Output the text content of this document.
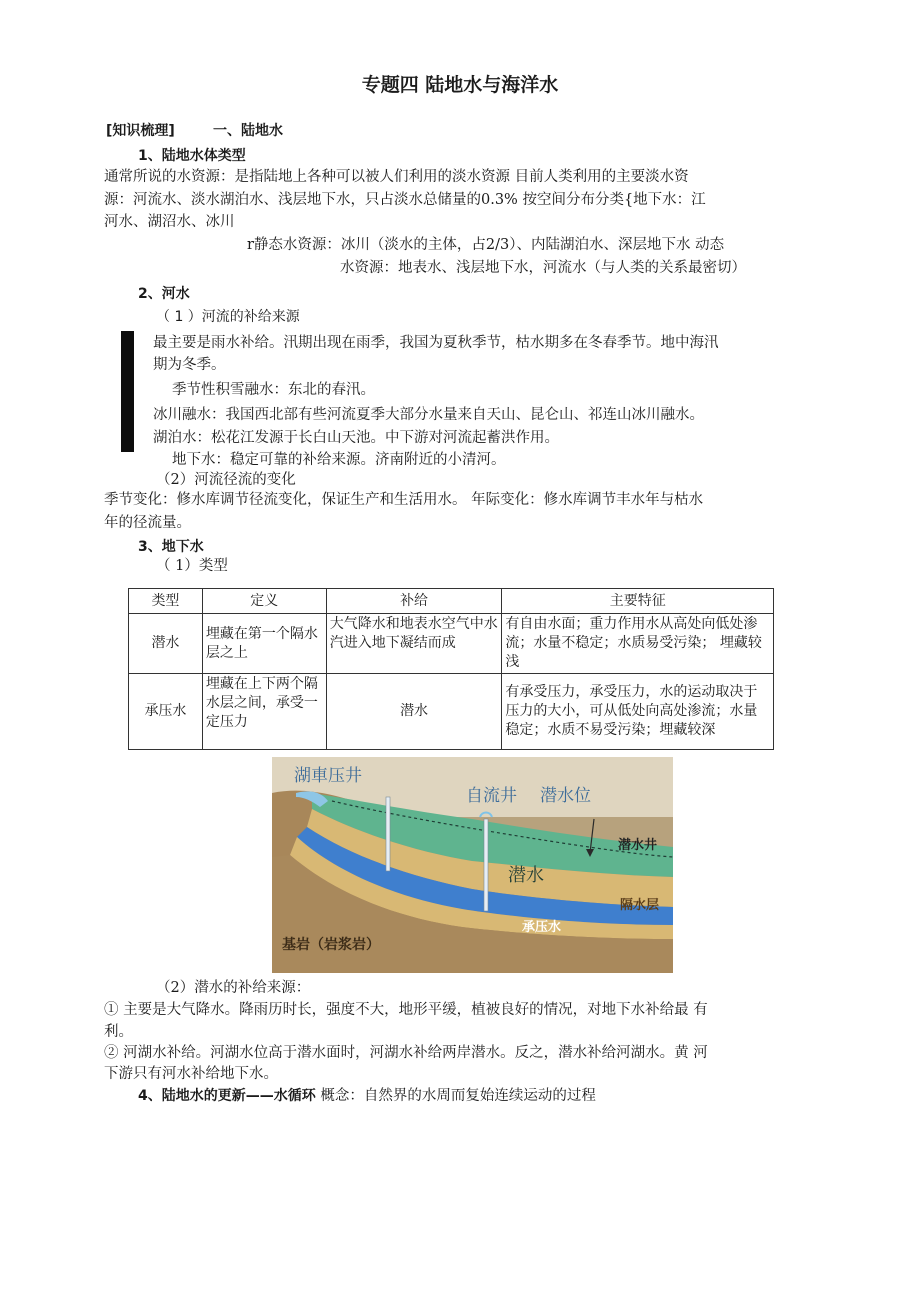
专题四 陆地水与海洋水
[知识梳理]	一、陆地水
1、陆地水体类型
通常所说的水资源：是指陆地上各种可以被人们利用的淡水资源 目前人类利用的主要淡水资
源：河流水、淡水湖泊水、浅层地下水，只占淡水总储量的0.3% 按空间分布分类{地下水：江
河水、湖沼水、冰川
r静态水资源：冰川（淡水的主体，占2/3）、内陆湖泊水、深层地下水 动态
水资源：地表水、浅层地下水，河流水（与人类的关系最密切）
2、河水
（ 1 ）河流的补给来源
最主要是雨水补给。汛期出现在雨季，我国为夏秋季节，枯水期多在冬春季节。地中海汛
期为冬季。
季节性积雪融水：东北的春汛。
冰川融水：我国西北部有些河流夏季大部分水量来自天山、昆仑山、祁连山冰川融水。
湖泊水：松花江发源于长白山天池。中下游对河流起蓄洪作用。
地下水：稳定可靠的补给来源。济南附近的小清河。
（2）河流径流的变化
季节变化：修水库调节径流变化，保证生产和生活用水。 年际变化：修水库调节丰水年与枯水
年的径流量。
3、地下水
（ 1）类型
类型	定义	补给	主要特征
潜水	埋藏在第一个隔水层之上	大气降水和地表水空气中水汽进入地下凝结而成	有自由水面；重力作用水从高处向低处渗流；水量不稳定；水质易受污染； 埋藏较浅
承压水	埋藏在上下两个隔水层之间，承受一定压力	潜水	有承受压力，承受压力，水的运动取决于压力的大小，可从低处向高处渗流；水量稳定；水质不易受污染；埋藏较深
湖車压井
自流井 潜水位
潜水井
潜水
隔水层
承压水
基岩（岩浆岩）
（2）潜水的补给来源：
① 主要是大气降水。降雨历时长，强度不大，地形平缓，植被良好的情况，对地下水补给最 有
利。
② 河湖水补给。河湖水位高于潜水面时，河湖水补给两岸潜水。反之，潜水补给河湖水。黄 河
下游只有河水补给地下水。
4、陆地水的更新——水循环 概念：自然界的水周而复始连续运动的过程
